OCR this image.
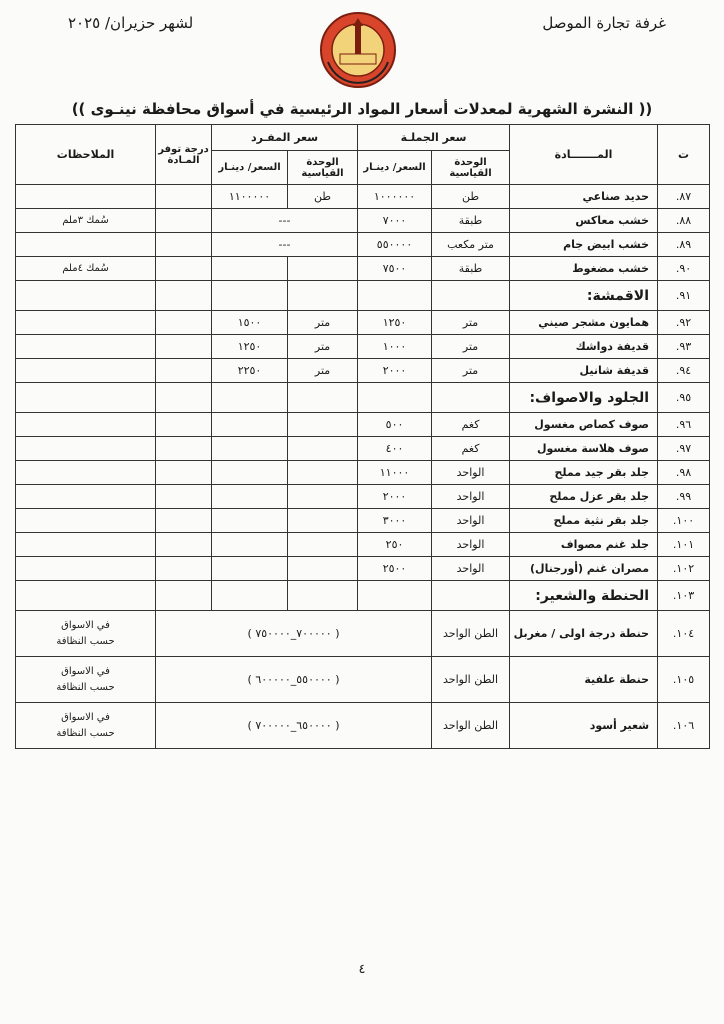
غرفة تجارة الموصل
لشهر حزيران/ ٢٠٢٥
(( النشرة الشهرية لمعدلات أسعار المواد الرئيسية في أسواق محافظة نينـوى ))
ت	المـــــــادة	سعر الجملـة		سعر المفـرد		درجة توفر المـادة	الملاحظات
		الوحدة القياسية	السعر/ دينـار	الوحدة القياسية	السعر/ دينـار		
٨٧.	حديد صناعي	طن	١٠٠٠٠٠٠	طن	١١٠٠٠٠٠		
٨٨.	خشب معاكس	طبقة	٧٠٠٠	---			سُمك ٣ملم
٨٩.	خشب ابيض جام	متر مكعب	٥٥٠٠٠٠	---			
٩٠.	خشب مضغوط	طبقة	٧٥٠٠				سُمك ٤ملم
٩١.	الاقمشة:						
٩٢.	همايون مشجر صيني	متر	١٢٥٠	متر	١٥٠٠		
٩٣.	قديفة دواشك	متر	١٠٠٠	متر	١٢٥٠		
٩٤.	قديفة شانيل	متر	٢٠٠٠	متر	٢٢٥٠		
٩٥.	الجلود والاصواف:						
٩٦.	صوف كصاص مغسول	كغم	٥٠٠				
٩٧.	صوف هلاسة مغسول	كغم	٤٠٠				
٩٨.	جلد بقر جيد مملح	الواحد	١١٠٠٠				
٩٩.	جلد بقر عزل مملح	الواحد	٢٠٠٠				
١٠٠.	جلد بقر نثية مملح	الواحد	٣٠٠٠				
١٠١.	جلد غنم مصواف	الواحد	٢٥٠				
١٠٢.	مصران غنم (أورجنال)	الواحد	٢٥٠٠				
١٠٣.	الحنطة والشعير:						
١٠٤.	حنطة درجة اولى / مغربل	الطن الواحد	( ٧٠٠٠٠٠_٧٥٠٠٠٠ )				في الاسواق
حسب النظافة

١٠٥.	حنطة علفية	الطن الواحد	( ٥٥٠٠٠٠_٦٠٠٠٠٠ )				في الاسواق
حسب النظافة

١٠٦.	شعير أسود	الطن الواحد	( ٦٥٠٠٠٠_٧٠٠٠٠٠ )				في الاسواق
حسب النظافة
٤
